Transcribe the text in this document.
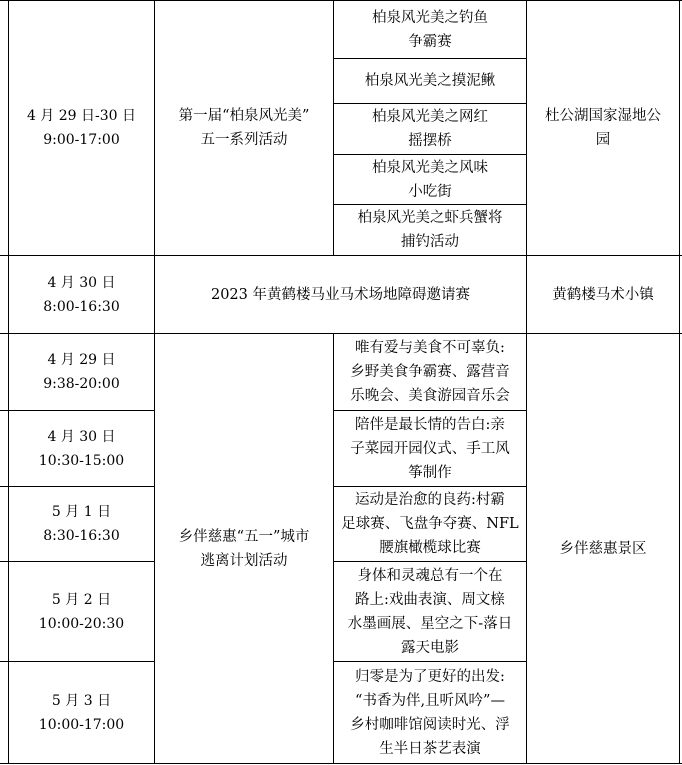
4 月 29 日-30 日
9:00-17:00
第一届“柏泉风光美”
五一系列活动
柏泉风光美之钓鱼
争霸赛
柏泉风光美之摸泥鳅
柏泉风光美之网红
摇摆桥
柏泉风光美之风味
小吃街
柏泉风光美之虾兵蟹将
捕钓活动
杜公湖国家湿地公
园
4 月 30 日
8:00-16:30
2023 年黄鹤楼马业马术场地障碍邀请赛	黄鹤楼马术小镇
4 月 29 日
9:38-20:00
4 月 30 日
10:30-15:00
5 月 1 日
8:30-16:30
5 月 2 日
10:00-20:30
5 月 3 日
10:00-17:00
乡伴慈惠“五一”城市
逃离计划活动
唯有爱与美食不可辜负:
乡野美食争霸赛、露营音
乐晚会、美食游园音乐会
陪伴是最长情的告白:亲
子菜园开园仪式、手工风
筝制作
运动是治愈的良药:村霸
足球赛、飞盘争夺赛、NFL
腰旗橄榄球比赛
身体和灵魂总有一个在
路上:戏曲表演、周文榇
水墨画展、星空之下-落日
露天电影
归零是为了更好的出发:
“书香为伴,且听风吟”—
乡村咖啡馆阅读时光、浮
生半日茶艺表演
乡伴慈惠景区
